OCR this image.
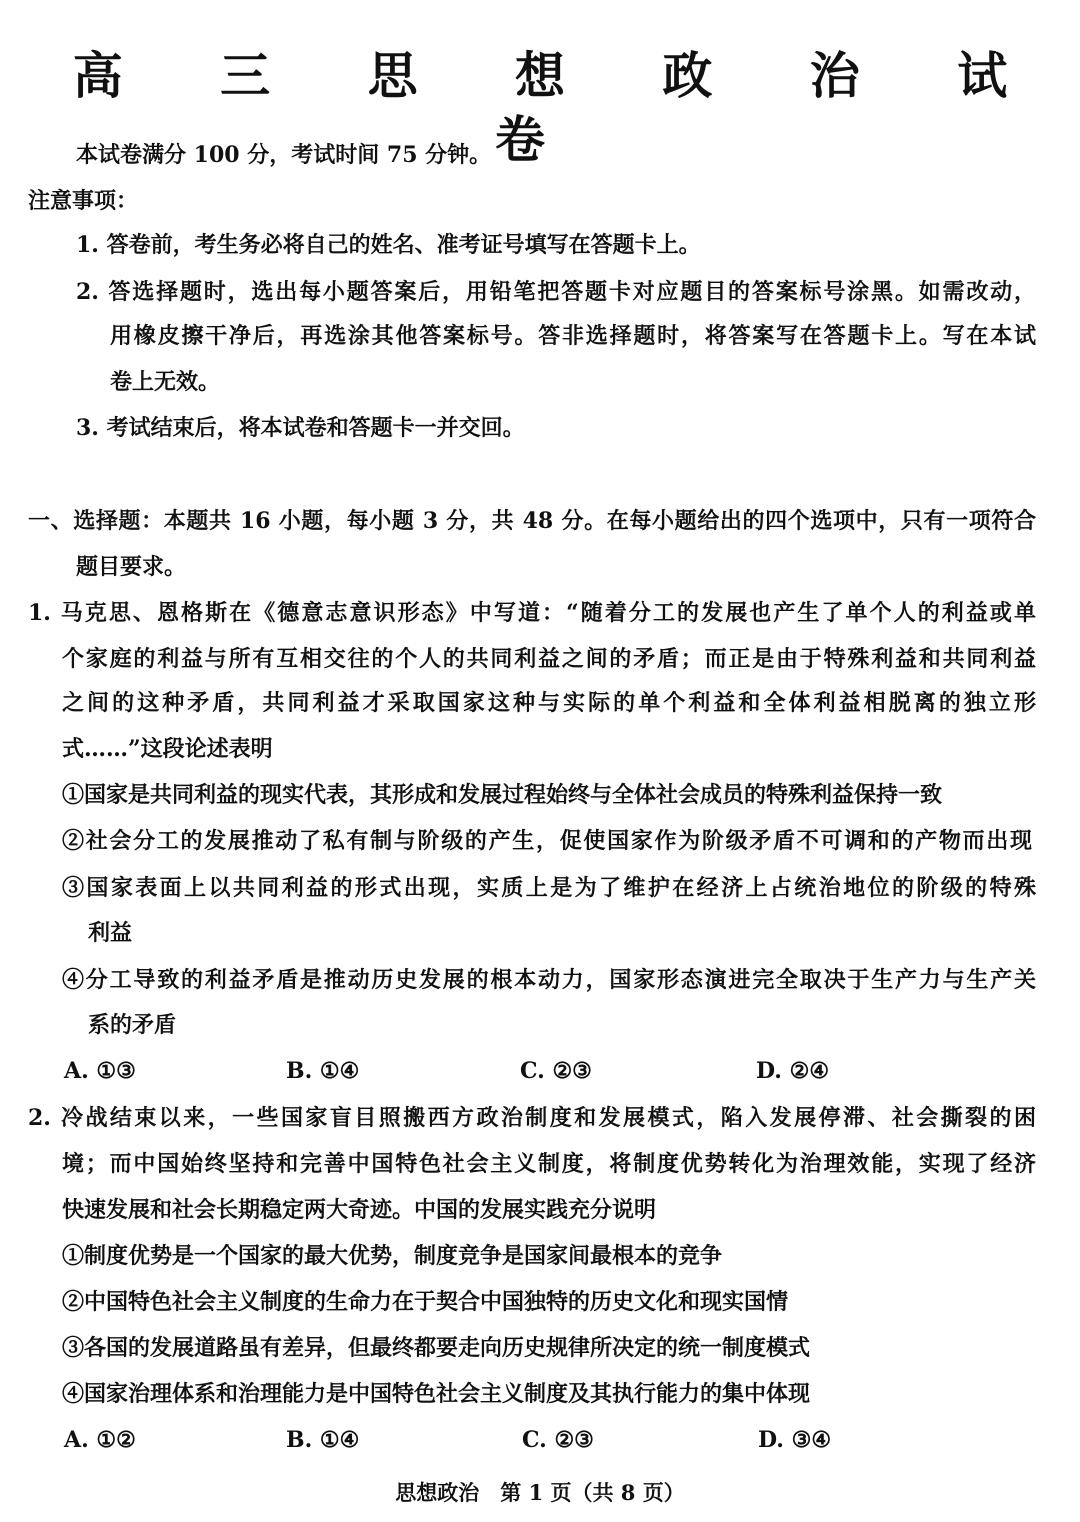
高 三 思 想 政 治 试 卷
本试卷满分 100 分，考试时间 75 分钟。
注意事项：
1. 答卷前，考生务必将自己的姓名、准考证号填写在答题卡上。
2. 答选择题时，选出每小题答案后，用铅笔把答题卡对应题目的答案标号涂黑。如需改动，
用橡皮擦干净后，再选涂其他答案标号。答非选择题时，将答案写在答题卡上。写在本试
卷上无效。
3. 考试结束后，将本试卷和答题卡一并交回。
一、选择题：本题共 16 小题，每小题 3 分，共 48 分。在每小题给出的四个选项中，只有一项符合
题目要求。
1. 马克思、恩格斯在《德意志意识形态》中写道：“随着分工的发展也产生了单个人的利益或单
个家庭的利益与所有互相交往的个人的共同利益之间的矛盾；而正是由于特殊利益和共同利益
之间的这种矛盾，共同利益才采取国家这种与实际的单个利益和全体利益相脱离的独立形
式……”这段论述表明
①国家是共同利益的现实代表，其形成和发展过程始终与全体社会成员的特殊利益保持一致
②社会分工的发展推动了私有制与阶级的产生，促使国家作为阶级矛盾不可调和的产物而出现
③国家表面上以共同利益的形式出现，实质上是为了维护在经济上占统治地位的阶级的特殊
利益
④分工导致的利益矛盾是推动历史发展的根本动力，国家形态演进完全取决于生产力与生产关
系的矛盾
A. ①③	B. ①④	C. ②③	D. ②④
2. 冷战结束以来，一些国家盲目照搬西方政治制度和发展模式，陷入发展停滞、社会撕裂的困
境；而中国始终坚持和完善中国特色社会主义制度，将制度优势转化为治理效能，实现了经济
快速发展和社会长期稳定两大奇迹。中国的发展实践充分说明
①制度优势是一个国家的最大优势，制度竞争是国家间最根本的竞争
②中国特色社会主义制度的生命力在于契合中国独特的历史文化和现实国情
③各国的发展道路虽有差异，但最终都要走向历史规律所决定的统一制度模式
④国家治理体系和治理能力是中国特色社会主义制度及其执行能力的集中体现
A. ①②	B. ①④	C. ②③	D. ③④
思想政治　第 1 页（共 8 页）
